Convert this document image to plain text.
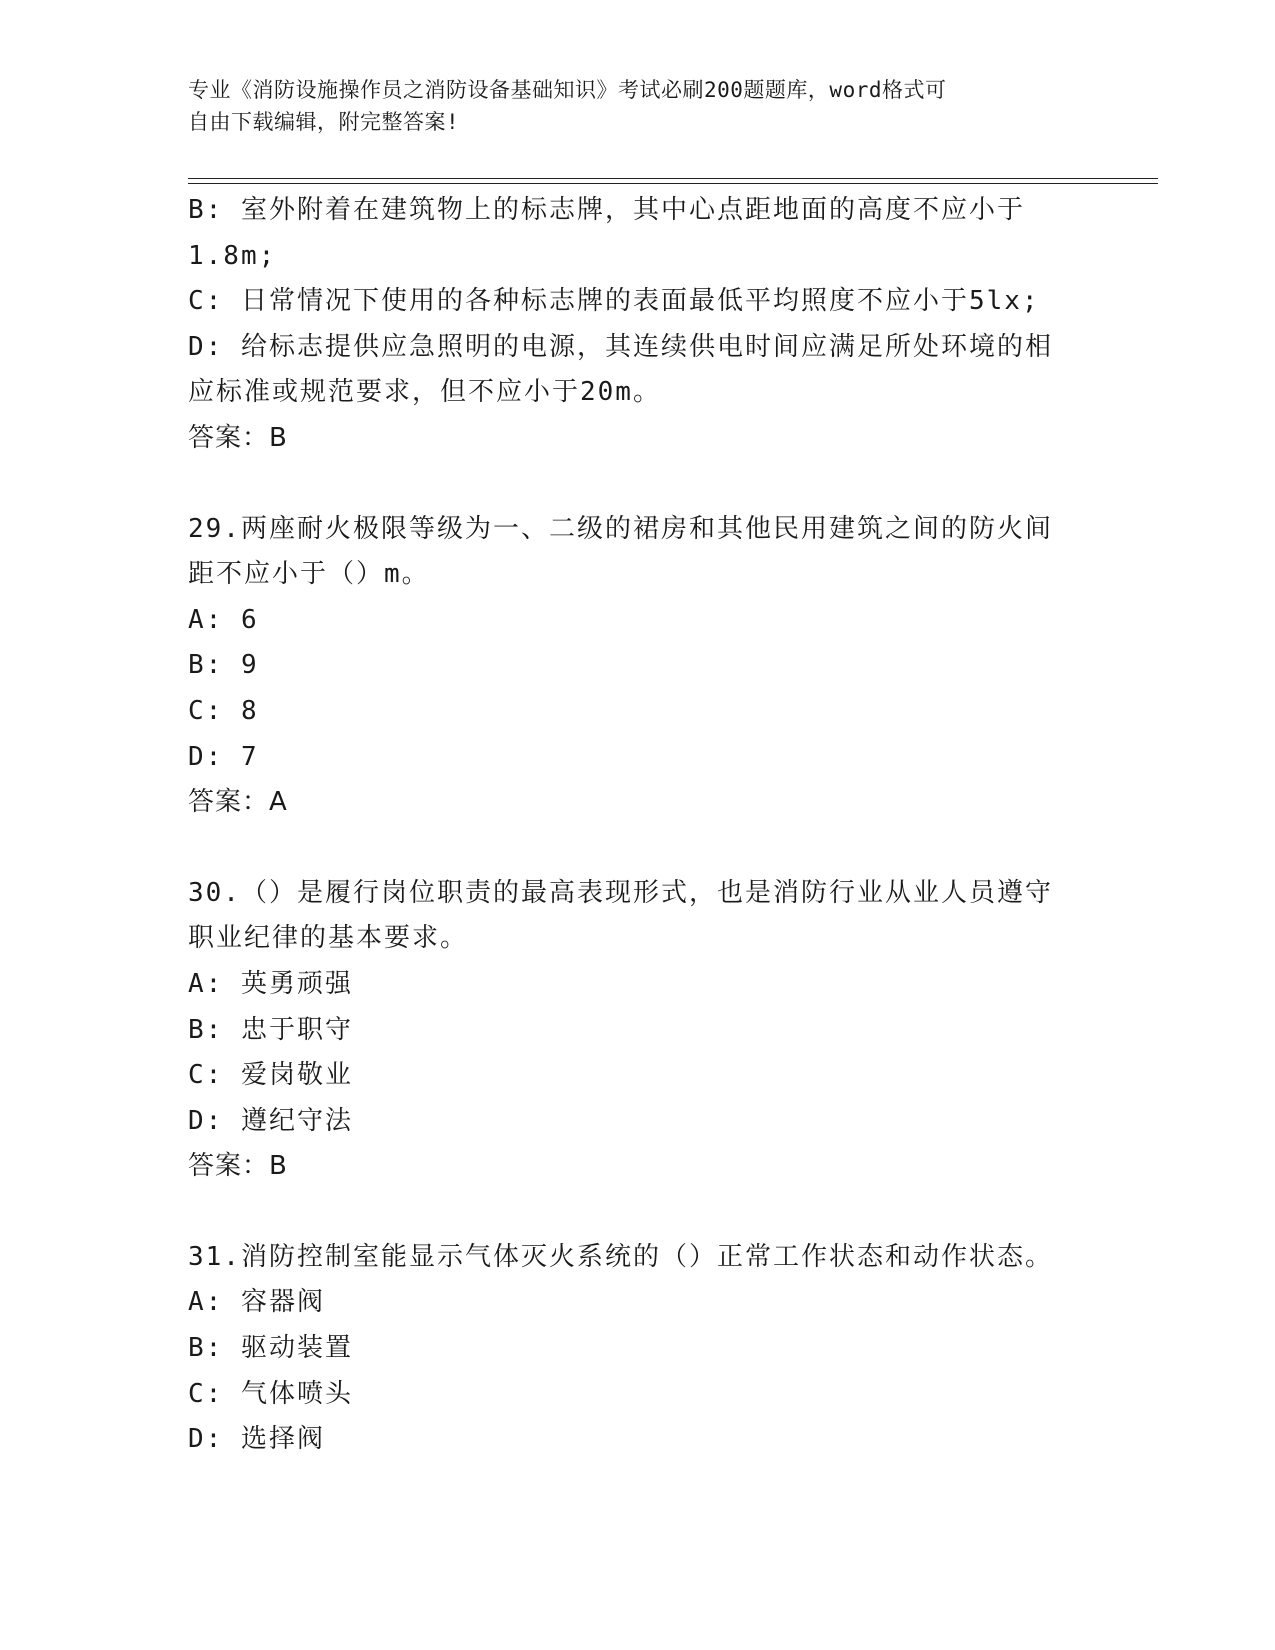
专业《消防设施操作员之消防设备基础知识》考试必刷200题题库，word格式可
自由下载编辑，附完整答案!
B: 室外附着在建筑物上的标志牌，其中心点距地面的高度不应小于
1.8m;
C: 日常情况下使用的各种标志牌的表面最低平均照度不应小于5lx;
D: 给标志提供应急照明的电源，其连续供电时间应满足所处环境的相
应标准或规范要求，但不应小于20m。
答案：B
29.两座耐火极限等级为一、二级的裙房和其他民用建筑之间的防火间
距不应小于（）m。
A: 6
B: 9
C: 8
D: 7
答案：A
30.（）是履行岗位职责的最高表现形式，也是消防行业从业人员遵守
职业纪律的基本要求。
A: 英勇顽强
B: 忠于职守
C: 爱岗敬业
D: 遵纪守法
答案：B
31.消防控制室能显示气体灭火系统的（）正常工作状态和动作状态。
A: 容器阀
B: 驱动装置
C: 气体喷头
D: 选择阀
